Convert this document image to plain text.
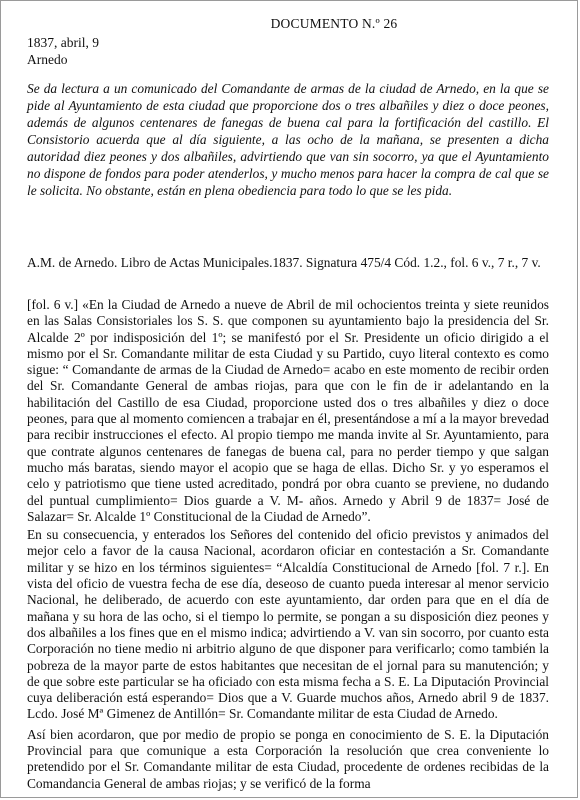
DOCUMENTO N.º 26
1837, abril, 9
Arnedo
Se da lectura a un comunicado del Comandante de armas de la ciudad de Arnedo, en la que se pide al Ayuntamiento de esta ciudad que proporcione dos o tres albañiles y diez o doce peones, además de algunos centenares de fanegas de buena cal para la fortificación del castillo. El Consistorio acuerda que al día siguiente, a las ocho de la mañana, se presenten a dicha autoridad diez peones y dos albañiles, advirtiendo que van sin socorro, ya que el Ayuntamiento no dispone de fondos para poder atenderlos, y mucho menos para hacer la compra de cal que se le solicita. No obstante, están en plena obediencia para todo lo que se les pida.
A.M. de Arnedo. Libro de Actas Municipales.1837. Signatura 475/4 Cód. 1.2., fol. 6 v., 7 r., 7 v.

[fol. 6 v.] «En la Ciudad de Arnedo a nueve de Abril de mil ochocientos treinta y siete reunidos en las Salas Consistoriales los S. S. que componen su ayuntamiento bajo la presidencia del Sr. Alcalde 2º por indisposición del 1º; se manifestó por el Sr. Presidente un oficio dirigido a el mismo por el Sr. Comandante militar de esta Ciudad y su Partido, cuyo literal contexto es como sigue: “ Comandante de armas de la Ciudad de Arnedo= acabo en este momento de recibir orden del Sr. Comandante General de ambas riojas, para que con le fin de ir adelantando en la habilitación del Castillo de esa Ciudad, proporcione usted dos o tres albañiles y diez o doce peones, para que al momento comiencen a trabajar en él, presentándose a mí a la mayor brevedad para recibir instrucciones el efecto. Al propio tiempo me manda invite al Sr. Ayuntamiento, para que contrate algunos centenares de fanegas de buena cal, para no perder tiempo y que salgan mucho más baratas, siendo mayor el acopio que se haga de ellas. Dicho Sr. y yo esperamos el celo y patriotismo que tiene usted acreditado, pondrá por obra cuanto se previene, no dudando del puntual cumplimiento= Dios guarde a V. M- años. Arnedo y Abril 9 de 1837= José de Salazar= Sr. Alcalde 1º Constitucional de la Ciudad de Arnedo”.

En su consecuencia, y enterados los Señores del contenido del oficio previstos y animados del mejor celo a favor de la causa Nacional, acordaron oficiar en contestación a Sr. Comandante militar y se hizo en los términos siguientes= “Alcaldía Constitucional de Arnedo [fol. 7 r.]. En vista del oficio de vuestra fecha de ese día, deseoso de cuanto pueda interesar al menor servicio Nacional, he deliberado, de acuerdo con este ayuntamiento, dar orden para que en el día de mañana y su hora de las ocho, si el tiempo lo permite, se pongan a su disposición diez peones y dos albañiles a los fines que en el mismo indica; advirtiendo a V. van sin socorro, por cuanto esta Corporación no tiene medio ni arbitrio alguno de que disponer para verificarlo; como también la pobreza de la mayor parte de estos habitantes que necesitan de el jornal para su manutención; y de que sobre este particular se ha oficiado con esta misma fecha a S. E. La Diputación Provincial cuya deliberación está esperando= Dios que a V. Guarde muchos años, Arnedo abril 9 de 1837. Lcdo. José Mª Gimenez de Antillón= Sr. Comandante militar de esta Ciudad de Arnedo.

Así bien acordaron, que por medio de propio se ponga en conocimiento de S. E. la Diputación Provincial para que comunique a esta Corporación la resolución que crea conveniente lo pretendido por el Sr. Comandante militar de esta Ciudad, procedente de ordenes recibidas de la Comandancia General de ambas riojas; y se verificó de la forma
